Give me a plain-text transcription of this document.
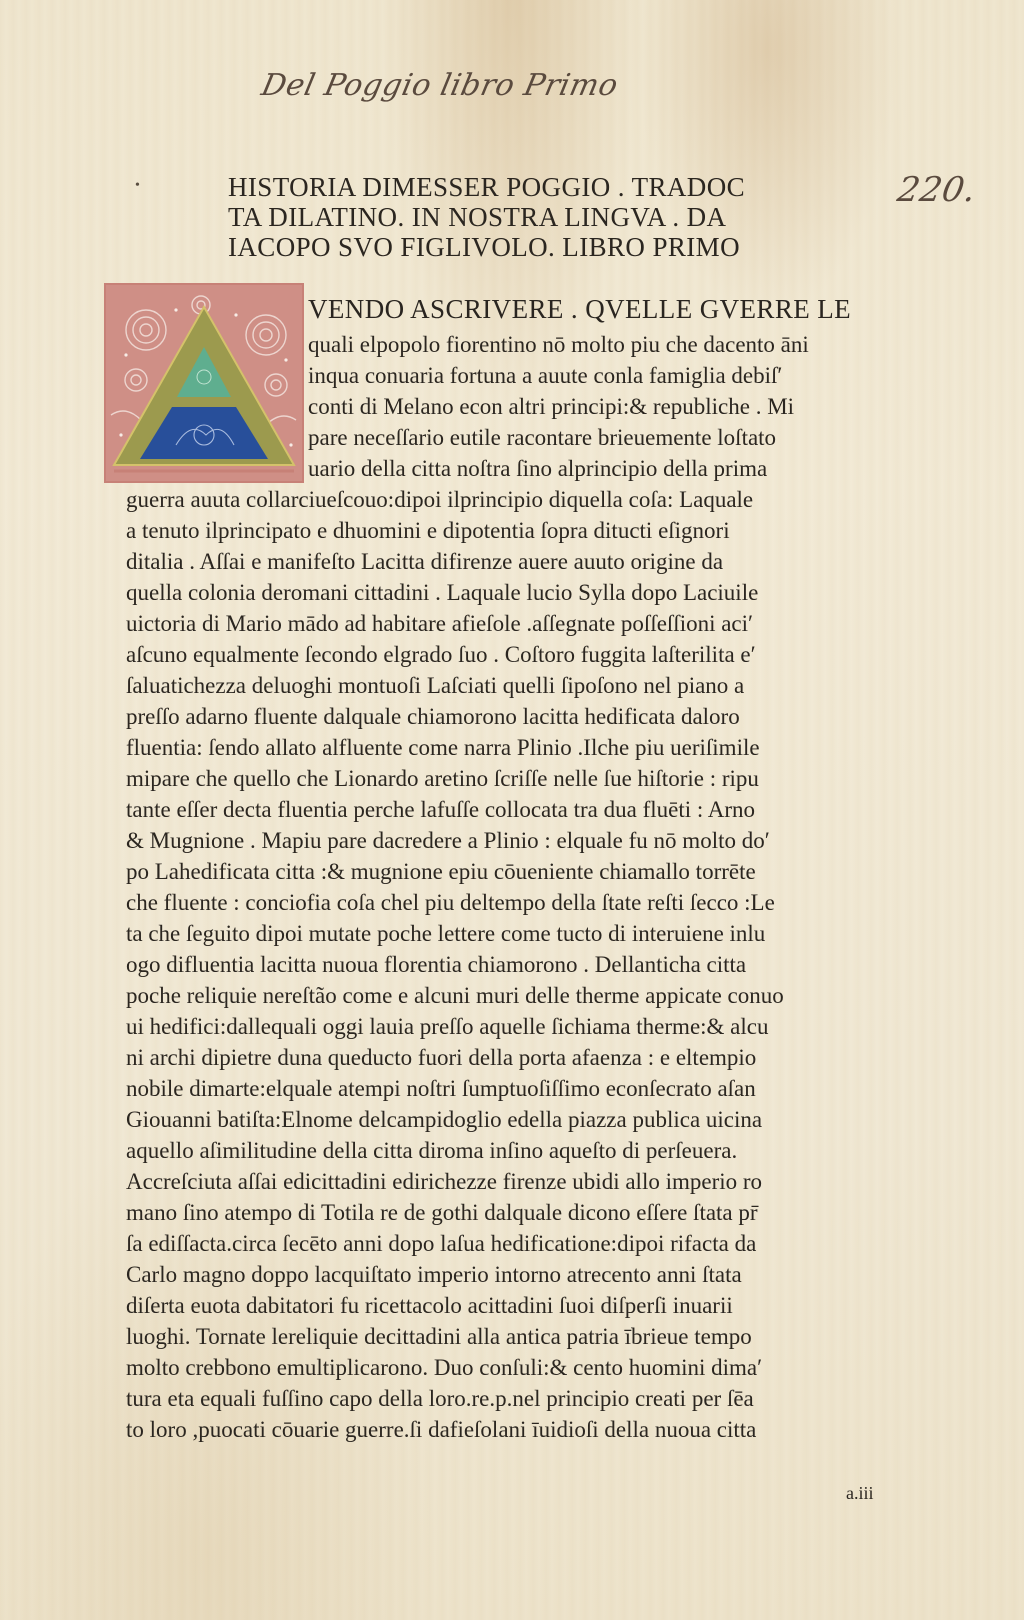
Del Poggio libro Primo
220.
•	HISTORIA DIMESSER POGGIO . TRADOC
TA DILATINO. IN NOSTRA LINGVA . DA
IACOPO SVO FIGLIVOLO. LIBRO PRIMO
VENDO ASCRIVERE . QVELLE GVERRE LE
quali elpopolo fiorentino nō molto piu che dacento āni
inqua conuaria fortuna a auute conla famiglia debiſ′
conti di Melano econ altri principi:& republiche . Mi
pare neceſſario eutile racontare brieuemente loſtato
uario della citta noſtra ſino alprincipio della prima
guerra auuta collarciueſcouo:dipoi ilprincipio diquella coſa: Laquale
a tenuto ilprincipato e dhuomini e dipotentia ſopra ditucti eſignori
ditalia . Aſſai e manifeſto Lacitta difirenze auere auuto origine da
quella colonia deromani cittadini . Laquale lucio Sylla dopo Laciuile
uictoria di Mario mādo ad habitare afieſole .aſſegnate poſſeſſioni aci′
aſcuno equalmente ſecondo elgrado ſuo . Coſtoro fuggita laſterilita e′
ſaluatichezza deluoghi montuoſi Laſciati quelli ſipoſono nel piano a
preſſo adarno fluente dalquale chiamorono lacitta hedificata daloro
fluentia: ſendo allato alfluente come narra Plinio .Ilche piu ueriſimile
mipare che quello che Lionardo aretino ſcriſſe nelle ſue hiſtorie : ripu
tante eſſer decta fluentia perche lafuſſe collocata tra dua fluēti : Arno
& Mugnione . Mapiu pare dacredere a Plinio : elquale fu nō molto do′
po Lahedificata citta :& mugnione epiu cōueniente chiamallo torrēte
che fluente : conciofia coſa chel piu deltempo della ſtate reſti ſecco :Le
ta che ſeguito dipoi mutate poche lettere come tucto di interuiene inlu
ogo difluentia lacitta nuoua florentia chiamorono . Dellanticha citta
poche reliquie nereſtão come e alcuni muri delle therme appicate conuo
ui hedifici:dallequali oggi lauia preſſo aquelle ſichiama therme:& alcu
ni archi dipietre duna queducto fuori della porta afaenza : e eltempio
nobile dimarte:elquale atempi noſtri ſumptuoſiſſimo econſecrato aſan
Giouanni batiſta:Elnome delcampidoglio edella piazza publica uicina
aquello aſimilitudine della citta diroma inſino aqueſto di perſeuera.
Accreſciuta aſſai edicittadini edirichezze firenze ubidi allo imperio ro
mano ſino atempo di Totila re de gothi dalquale dicono eſſere ſtata pr̄
ſa ediſſacta.circa ſecēto anni dopo laſua hedificatione:dipoi rifacta da
Carlo magno doppo lacquiſtato imperio intorno atrecento anni ſtata
diſerta euota dabitatori fu ricettacolo acittadini ſuoi diſperſi inuarii
luoghi. Tornate lereliquie decittadini alla antica patria ībrieue tempo
molto crebbono emultiplicarono. Duo conſuli:& cento huomini dima′
tura eta equali fuſſino capo della loro.re.p.nel principio creati per ſēa
to loro ,puocati cōuarie guerre.ſi dafieſolani īuidioſi della nuoua citta
a.iii
